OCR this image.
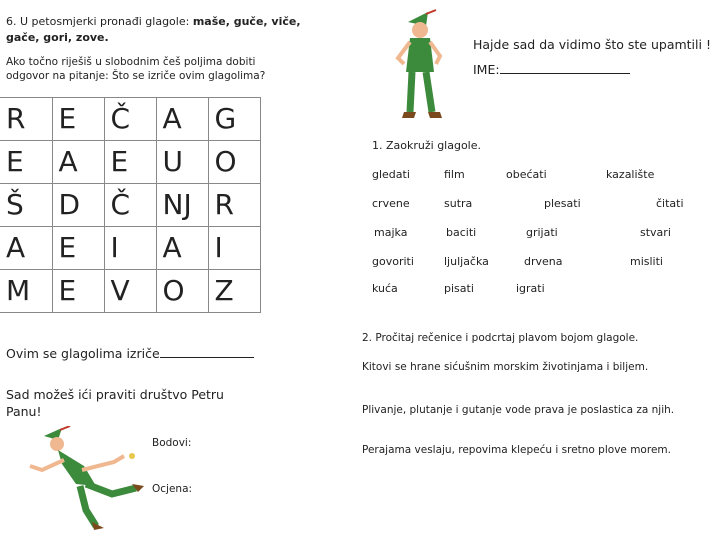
6. U petosmjerki pronađi glagole: maše, guče, viče,
gače, gori, zove.
Ako točno riješiš u slobodnim češ poljima dobiti
odgovor na pitanje: Što se izriče ovim glagolima?
R	E	Č	A	G
E	A	E	U	O
Š	D	Č	NJ	R
A	E	I	A	I
M	E	V	O	Z
Ovim se glagolima izriče
Sad možeš ići praviti društvo Petru
Panu!
Bodovi:
Ocjena:
Hajde sad da vidimo što ste upamtili !
IME:
1. Zaokruži glagole.
gledati	film	obećati	kazalište
crvene	sutra	plesati	čitati
majka	baciti	grijati	stvari
govoriti	ljuljačka	drvena	misliti
kuća	pisati	igrati
2. Pročitaj rečenice i podcrtaj plavom bojom glagole.
Kitovi se hrane sićušnim morskim životinjama i biljem.
Plivanje, plutanje i gutanje vode prava je poslastica za njih.
Perajama veslaju, repovima klepeću i sretno plove morem.
